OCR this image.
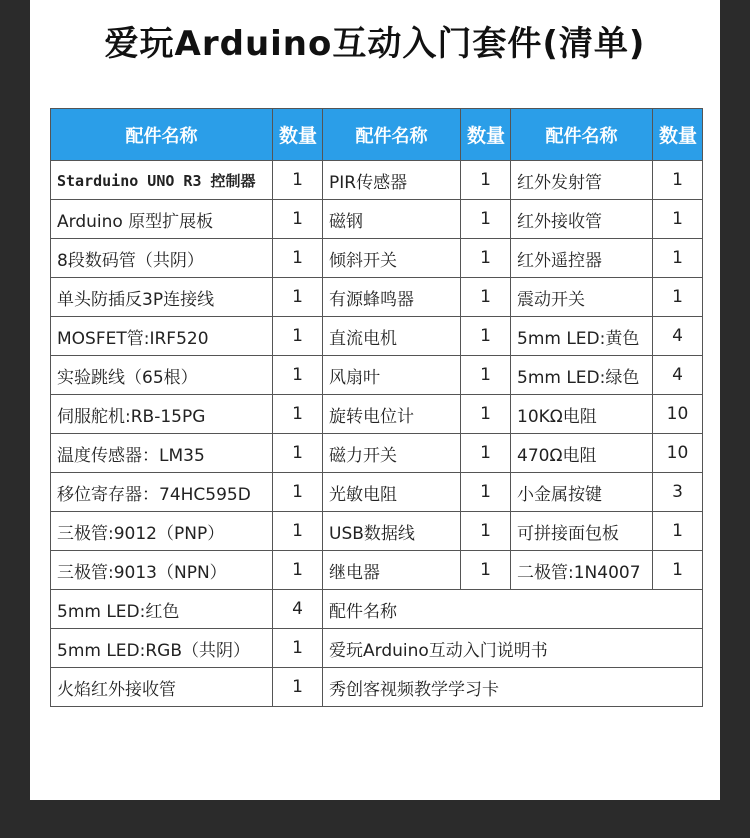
爱玩Arduino互动入门套件(清单)
配件名称	数量	配件名称	数量	配件名称	数量
Starduino UNO R3 控制器	1	PIR传感器	1	红外发射管	1
Arduino 原型扩展板	1	磁钢	1	红外接收管	1
8段数码管（共阴）	1	倾斜开关	1	红外遥控器	1
单头防插反3P连接线	1	有源蜂鸣器	1	震动开关	1
MOSFET管:IRF520	1	直流电机	1	5mm LED:黄色	4
实验跳线（65根）	1	风扇叶	1	5mm LED:绿色	4
伺服舵机:RB-15PG	1	旋转电位计	1	10KΩ电阻	10
温度传感器：LM35	1	磁力开关	1	470Ω电阻	10
移位寄存器：74HC595D	1	光敏电阻	1	小金属按键	3
三极管:9012（PNP）	1	USB数据线	1	可拼接面包板	1
三极管:9013（NPN）	1	继电器	1	二极管:1N4007	1
5mm LED:红色	4	配件名称			
5mm LED:RGB（共阴）	1	爱玩Arduino互动入门说明书			
火焰红外接收管	1	秀创客视频教学学习卡			
